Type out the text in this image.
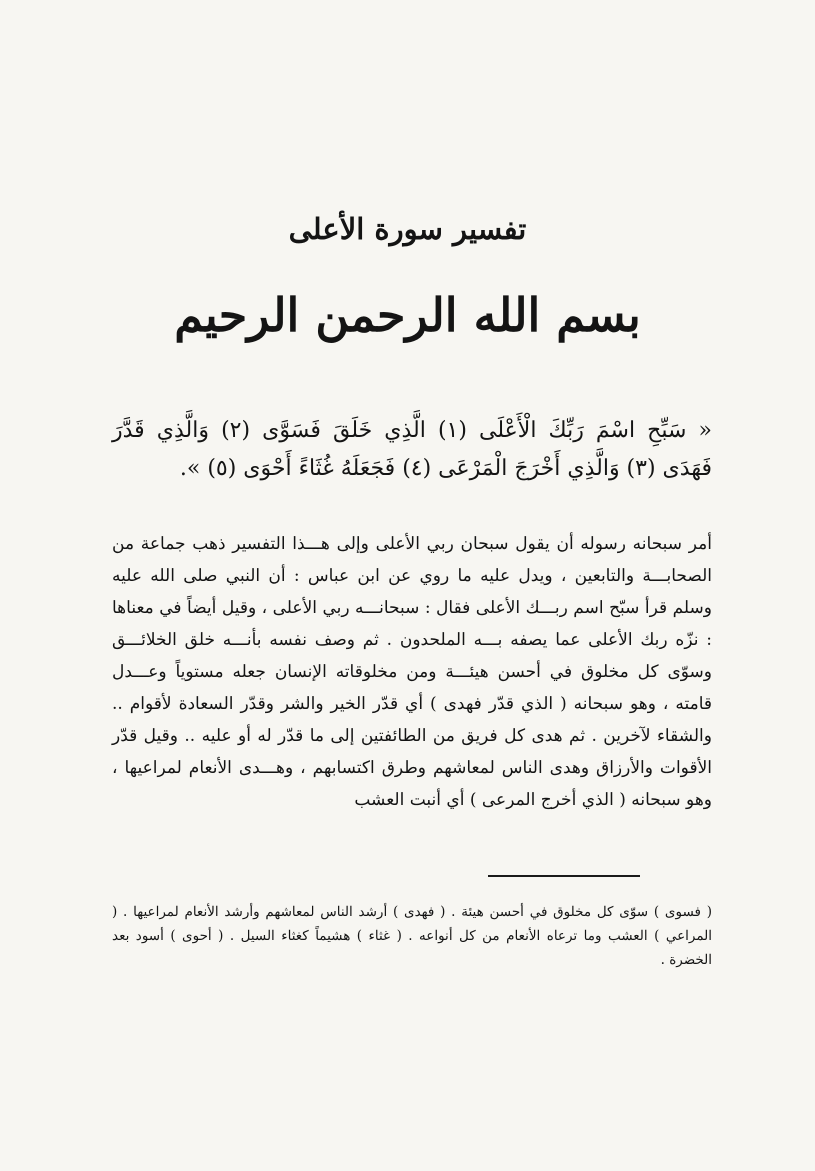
تفسير سورة الأعلى
بسم الله الرحمن الرحيم
« سَبِّحِ اسْمَ رَبِّكَ الْأَعْلَى (١) الَّذِي خَلَقَ فَسَوَّى (٢) وَالَّذِي قَدَّرَ فَهَدَى (٣) وَالَّذِي أَخْرَجَ الْمَرْعَى (٤) فَجَعَلَهُ غُثَاءً أَحْوَى (٥) ».

أمر سبحانه رسوله أن يقول سبحان ربي الأعلى وإلى هـــذا التفسير ذهب جماعة من الصحابـــة والتابعين ، ويدل عليه ما روي عن ابن عباس : أن النبي صلى الله عليه وسلم قرأ سبّح اسم ربـــك الأعلى فقال : سبحانـــه ربي الأعلى ، وقيل أيضاً في معناها : نزّه ربك الأعلى عما يصفه بـــه الملحدون . ثم وصف نفسه بأنـــه خلق الخلائـــق وسوّى كل مخلوق في أحسن هيئـــة ومن مخلوقاته الإنسان جعله مستوياً وعـــدل قامته ، وهو سبحانه ( الذي قدّر فهدى ) أي قدّر الخير والشر وقدّر السعادة لأقوام .. والشقاء لآخرين . ثم هدى كل فريق من الطائفتين إلى ما قدّر له أو عليه .. وقيل قدّر الأقوات والأرزاق وهدى الناس لمعاشهم وطرق اكتسابهم ، وهـــدى الأنعام لمراعيها ، وهو سبحانه ( الذي أخرج المرعى ) أي أنبت العشب

( فسوى ) سوّى كل مخلوق في أحسن هيئة . ( فهدى ) أرشد الناس لمعاشهم وأرشد الأنعام لمراعيها . ( المراعي ) العشب وما ترعاه الأنعام من كل أنواعه . ( غثاء ) هشيماً كغثاء السيل . ( أحوى ) أسود بعد الخضرة .
